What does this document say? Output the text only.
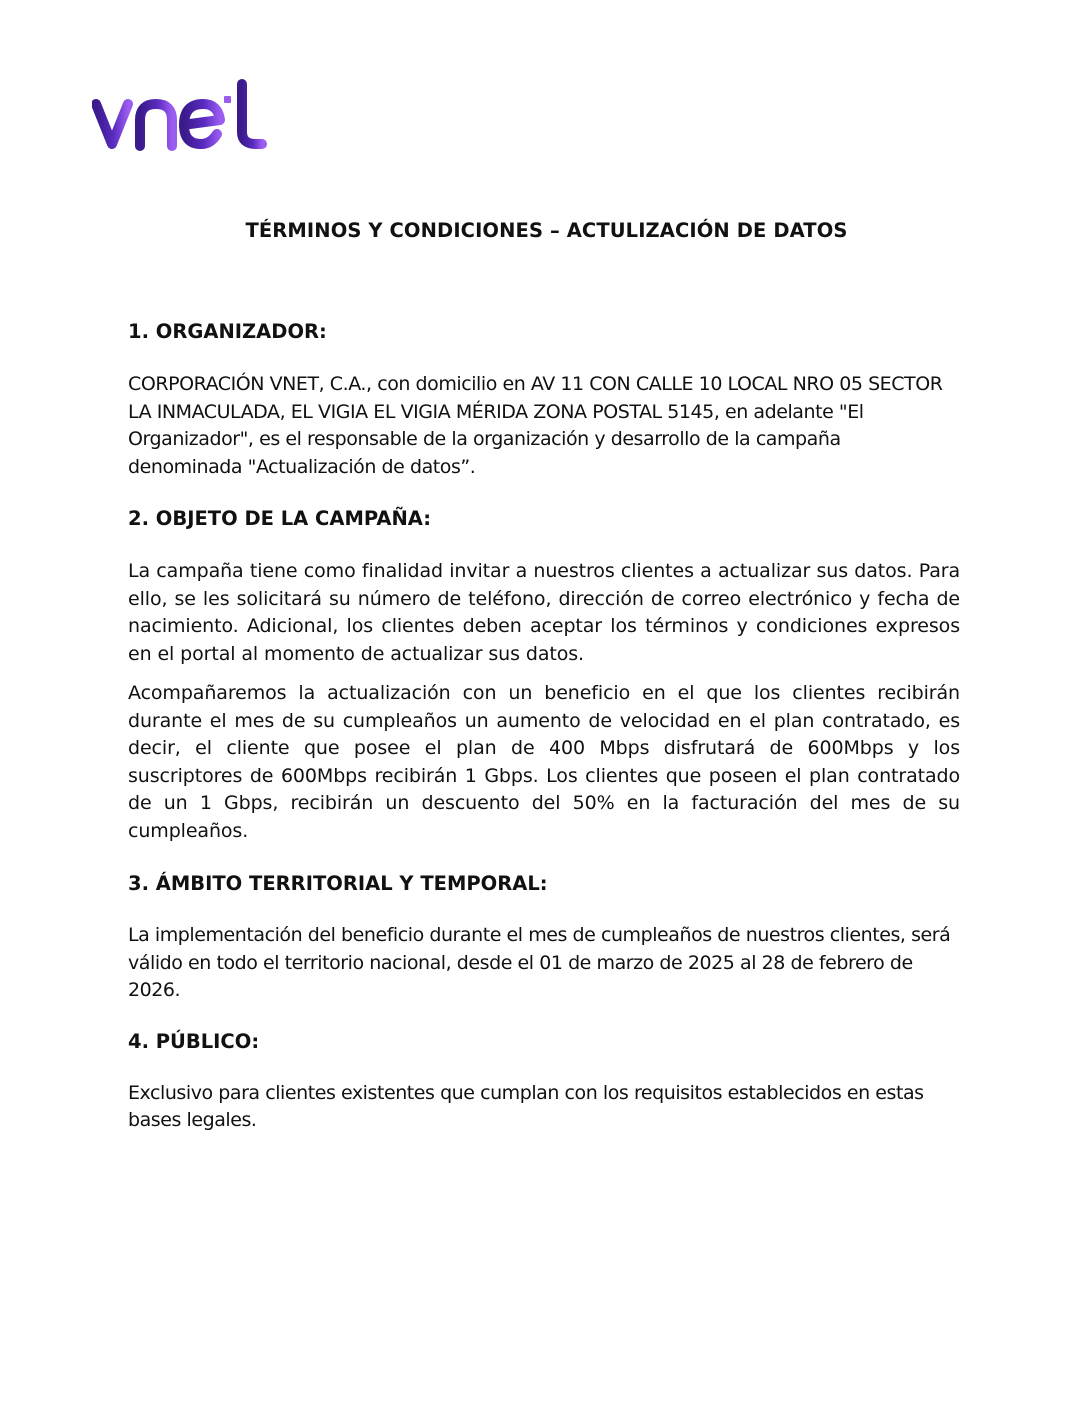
TÉRMINOS Y CONDICIONES – ACTULIZACIÓN DE DATOS
1. ORGANIZADOR:

CORPORACIÓN VNET, C.A., con domicilio en AV 11 CON CALLE 10 LOCAL NRO 05 SECTOR LA INMACULADA, EL VIGIA EL VIGIA MÉRIDA ZONA POSTAL 5145, en adelante "El Organizador", es el responsable de la organización y desarrollo de la campaña denominada "Actualización de datos”.

2. OBJETO DE LA CAMPAÑA:

La campaña tiene como finalidad invitar a nuestros clientes a actualizar sus datos. Para ello, se les solicitará su número de teléfono, dirección de correo electrónico y fecha de nacimiento. Adicional, los clientes deben aceptar los términos y condiciones expresos en el portal al momento de actualizar sus datos.

Acompañaremos la actualización con un beneficio en el que los clientes recibirán durante el mes de su cumpleaños un aumento de velocidad en el plan contratado, es decir, el cliente que posee el plan de 400 Mbps disfrutará de 600Mbps y los suscriptores de 600Mbps recibirán 1 Gbps. Los clientes que poseen el plan contratado de un 1 Gbps, recibirán un descuento del 50% en la facturación del mes de su cumpleaños.

3. ÁMBITO TERRITORIAL Y TEMPORAL:

La implementación del beneficio durante el mes de cumpleaños de nuestros clientes, será válido en todo el territorio nacional, desde el 01 de marzo de 2025 al 28 de febrero de 2026.

4. PÚBLICO:

Exclusivo para clientes existentes que cumplan con los requisitos establecidos en estas bases legales.
